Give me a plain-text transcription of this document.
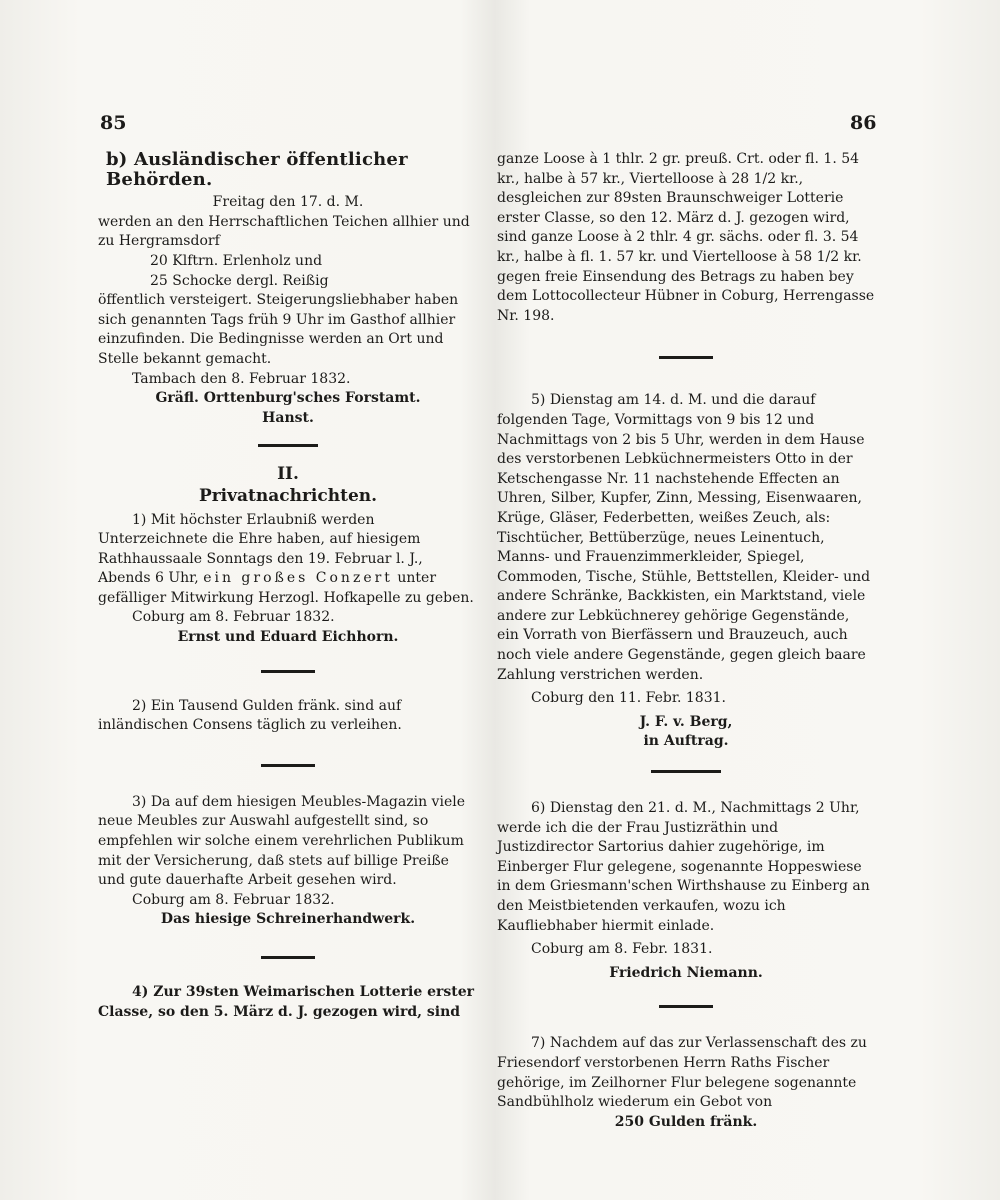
85	86

b) Ausländischer öffentlicher Behörden.

Freitag den 17. d. M.

werden an den Herrschaftlichen Teichen allhier und

zu Hergramsdorf

20 Klftrn. Erlenholz und

25 Schocke dergl. Reißig

öffentlich versteigert. Steigerungsliebhaber haben sich genannten Tags früh 9 Uhr im Gasthof allhier einzufinden. Die Bedingnisse werden an Ort und Stelle bekannt gemacht.

Tambach den 8. Februar 1832.

Gräfl. Orttenburg'sches Forstamt.

Hanst.

II.

Privatnachrichten.

1) Mit höchster Erlaubniß werden Unterzeichnete die Ehre haben, auf hiesigem Rathhaussaale Sonntags den 19. Februar l. J., Abends 6 Uhr, ein großes Conzert unter gefälliger Mitwirkung Herzogl. Hofkapelle zu geben.

Coburg am 8. Februar 1832.

Ernst und Eduard Eichhorn.

2) Ein Tausend Gulden fränk. sind auf inländischen Consens täglich zu verleihen.

3) Da auf dem hiesigen Meubles-Magazin viele neue Meubles zur Auswahl aufgestellt sind, so empfehlen wir solche einem verehrlichen Publikum mit der Versicherung, daß stets auf billige Preiße und gute dauerhafte Arbeit gesehen wird.

Coburg am 8. Februar 1832.

Das hiesige Schreinerhandwerk.

4) Zur 39sten Weimarischen Lotterie erster Classe, so den 5. März d. J. gezogen wird, sind

ganze Loose à 1 thlr. 2 gr. preuß. Crt. oder fl. 1. 54 kr., halbe à 57 kr., Viertelloose à 28 1/2 kr., desgleichen zur 89sten Braunschweiger Lotterie erster Classe, so den 12. März d. J. gezogen wird, sind ganze Loose à 2 thlr. 4 gr. sächs. oder fl. 3. 54 kr., halbe à fl. 1. 57 kr. und Viertelloose à 58 1/2 kr. gegen freie Einsendung des Betrags zu haben bey dem Lottocollecteur Hübner in Coburg, Herrengasse Nr. 198.

5) Dienstag am 14. d. M. und die darauf folgenden Tage, Vormittags von 9 bis 12 und Nachmittags von 2 bis 5 Uhr, werden in dem Hause des verstorbenen Lebküchnermeisters Otto in der Ketschengasse Nr. 11 nachstehende Effecten an Uhren, Silber, Kupfer, Zinn, Messing, Eisenwaaren, Krüge, Gläser, Federbetten, weißes Zeuch, als: Tischtücher, Bettüberzüge, neues Leinentuch, Manns- und Frauenzimmerkleider, Spiegel, Commoden, Tische, Stühle, Bettstellen, Kleider- und andere Schränke, Backkisten, ein Marktstand, viele andere zur Lebküchnerey gehörige Gegenstände, ein Vorrath von Bierfässern und Brauzeuch, auch noch viele andere Gegenstände, gegen gleich baare Zahlung verstrichen werden.

Coburg den 11. Febr. 1831.

J. F. v. Berg,

in Auftrag.

6) Dienstag den 21. d. M., Nachmittags 2 Uhr, werde ich die der Frau Justizräthin und Justizdirector Sartorius dahier zugehörige, im Einberger Flur gelegene, sogenannte Hoppeswiese in dem Griesmann'schen Wirthshause zu Einberg an den Meistbietenden verkaufen, wozu ich Kaufliebhaber hiermit einlade.

Coburg am 8. Febr. 1831.

Friedrich Niemann.

7) Nachdem auf das zur Verlassenschaft des zu Friesendorf verstorbenen Herrn Raths Fischer gehörige, im Zeilhorner Flur belegene sogenannte Sandbühlholz wiederum ein Gebot von

250 Gulden fränk.
